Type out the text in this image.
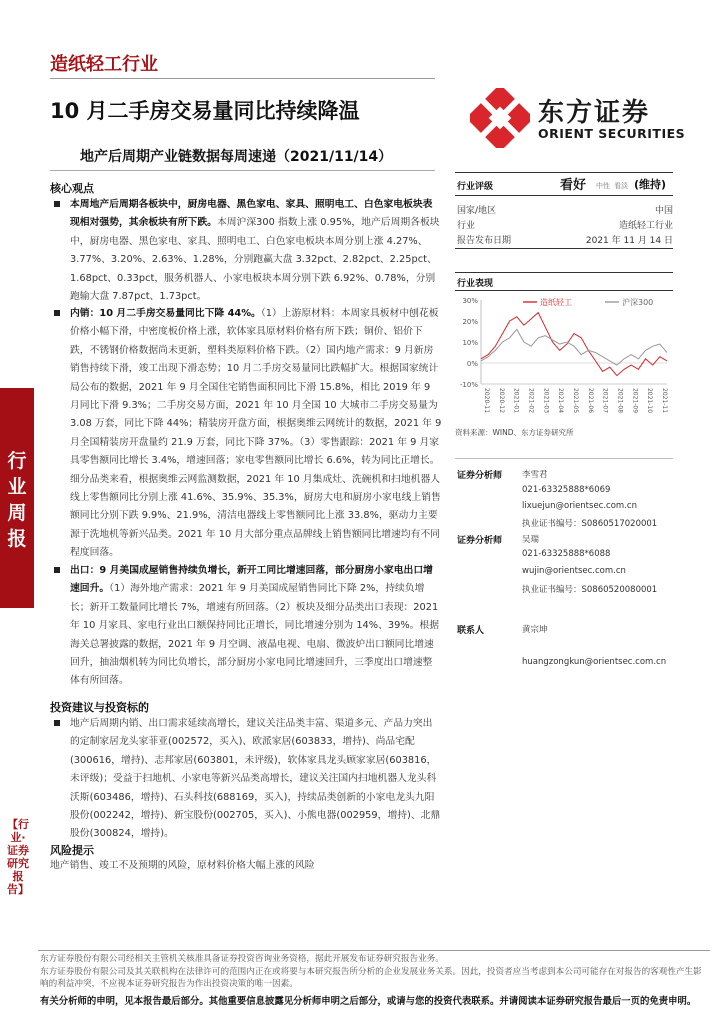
行业周报
【行业·证券研究报告】
造纸轻工行业
东方证券
ORIENT SECURITIES
10 月二手房交易量同比持续降温
地产后周期产业链数据每周速递（2021/11/14）
核心观点
本周地产后周期各板块中，厨房电器、黑色家电、家具、照明电工、白色家电板块表现相对强势，其余板块有所下跌。本周沪深300 指数上涨 0.95%，地产后周期各板块中，厨房电器、黑色家电、家具、照明电工、白色家电板块本周分别上涨 4.27%、3.77%、3.20%、2.63%、1.28%，分别跑赢大盘 3.32pct、2.82pct、2.25pct、1.68pct、0.33pct，服务机器人、小家电板块本周分别下跌 6.92%、0.78%，分别跑输大盘 7.87pct、1.73pct。
内销：10 月二手房交易量同比下降 44%。（1）上游原材料：本周家具板材中刨花板价格小幅下滑，中密度板价格上涨，软体家具原材料价格有所下跌；铜价、铝价下跌，不锈钢价格数据尚未更新，塑料类原料价格下跌。（2）国内地产需求：9 月新房销售持续下滑，竣工出现下滑态势；10 月二手房交易量同比跌幅扩大。根据国家统计局公布的数据，2021 年 9 月全国住宅销售面积同比下滑 15.8%，相比 2019 年 9 月同比下滑 9.3%；二手房交易方面，2021 年 10 月全国 10 大城市二手房交易量为 3.08 万套，同比下降 44%；精装房开盘方面，根据奥维云网统计的数据，2021 年 9 月全国精装房开盘量约 21.9 万套，同比下降 37%。（3）零售跟踪：2021 年 9 月家具零售额同比增长 3.4%，增速回落；家电零售额同比增长 6.6%，转为同比正增长。细分品类来看，根据奥维云网监测数据，2021 年 10 月集成灶、洗碗机和扫地机器人线上零售额同比分别上涨 41.6%、35.9%、35.3%，厨房大电和厨房小家电线上销售额同比分别下跌 9.9%、21.9%，清洁电器线上零售额同比上涨 33.8%，驱动力主要源于洗地机等新兴品类。2021 年 10 月大部分重点品牌线上销售额同比增速均有不同程度回落。
出口：9 月美国成屋销售持续负增长，新开工同比增速回落，部分厨房小家电出口增速回升。（1）海外地产需求：2021 年 9 月美国成屋销售同比下降 2%，持续负增长；新开工数量同比增长 7%，增速有所回落。（2）板块及细分品类出口表现：2021 年 10 月家具、家电行业出口额保持同比正增长，同比增速分别为 14%、39%。根据海关总署披露的数据，2021 年 9 月空调、液晶电视、电扇、微波炉出口额同比增速回升，抽油烟机转为同比负增长，部分厨房小家电同比增速回升，三季度出口增速整体有所回落。
投资建议与投资标的
地产后周期内销、出口需求延续高增长，建议关注品类丰富、渠道多元、产品力突出的定制家居龙头家菲亚(002572，买入)、欧派家居(603833，增持)、尚品宅配(300616，增持)、志邦家居(603801，未评级)，软体家具龙头顾家家居(603816，未评级)；受益于扫地机、小家电等新兴品类高增长，建议关注国内扫地机器人龙头科沃斯(603486，增持)、石头科技(688169，买入)，持续品类创新的小家电龙头九阳股份(002242，增持)、新宝股份(002705，买入)、小熊电器(002959，增持)、北鼎股份(300824，增持)。
风险提示
地产销售、竣工不及预期的风险，原材料价格大幅上涨的风险
行业评级	看好 中性 看淡 (维持)
国家/地区	中国
行业	造纸轻工行业
报告发布日期	2021 年 11 月 14 日
行业表现
30%
20%
10%
0%
-10%
2020-11 2020-12 2021-01 2021-02 2021-03 2021-04 2021-05 2021-06 2021-07 2021-08 2021-09 2021-10 2021-11
造纸轻工	沪深300
资料来源：WIND、东方证券研究所
证券分析师 李雪君
021-63325888*6069
lixuejun@orientsec.com.cn
执业证书编号：S0860517020001
证券分析师 吴瑞
021-63325888*6088
wujin@orientsec.com.cn
执业证书编号：S0860520080001
联系人	黄宗坤
huangzongkun@orientsec.com.cn
东方证券股份有限公司经相关主管机关核准具备证券投资咨询业务资格，据此开展发布证券研究报告业务。
东方证券股份有限公司及其关联机构在法律许可的范围内正在或将要与本研究报告所分析的企业发展业务关系。因此，投资者应当考虑到本公司可能存在对报告的客观性产生影响的利益冲突，不应视本证券研究报告为作出投资决策的唯一因素。
有关分析师的申明，见本报告最后部分。其他重要信息披露见分析师申明之后部分，或请与您的投资代表联系。并请阅读本证券研究报告最后一页的免责申明。
